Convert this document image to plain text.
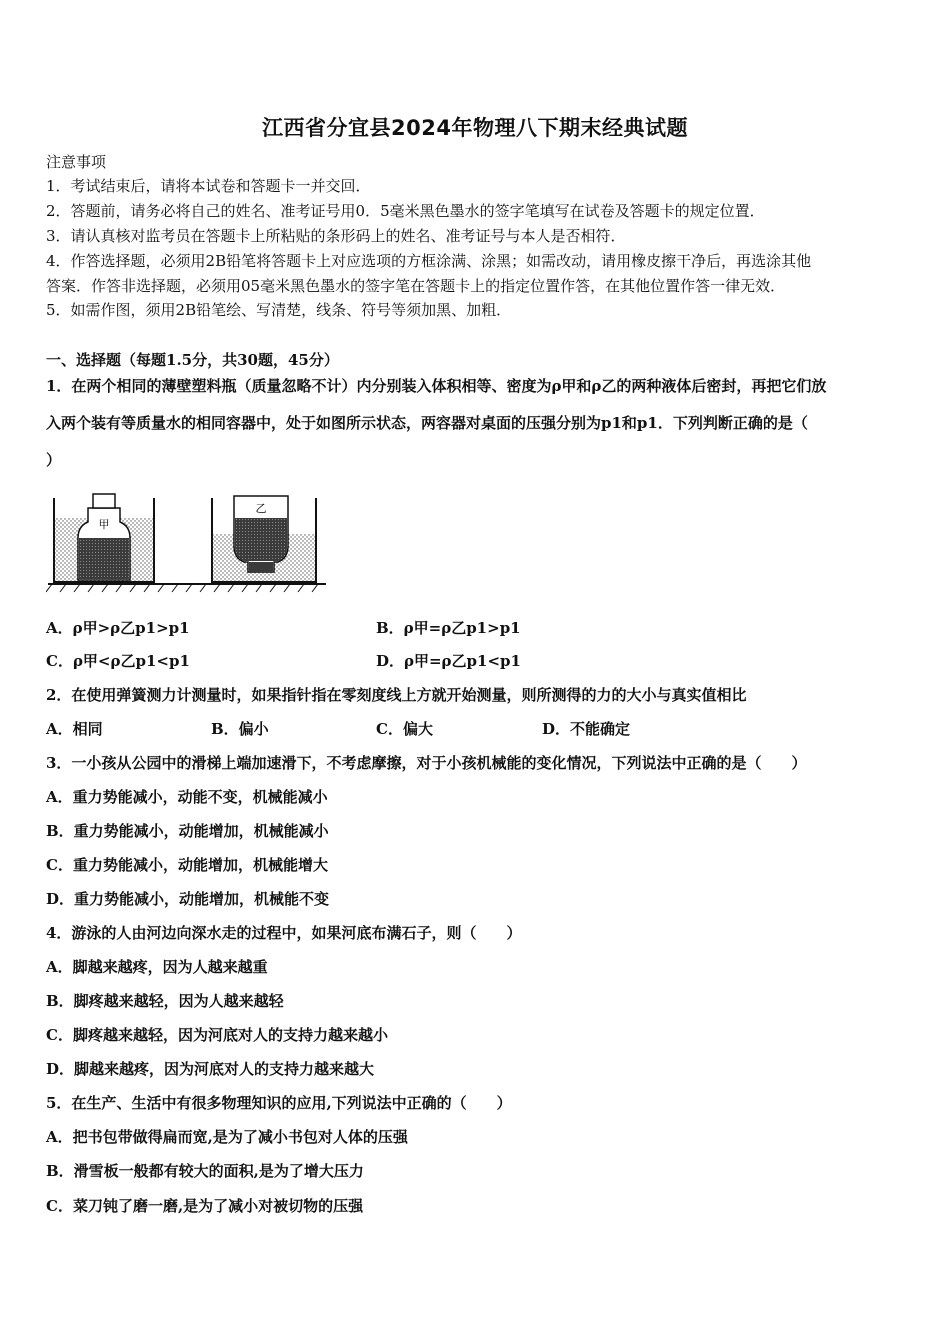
江西省分宜县2024年物理八下期末经典试题
注意事项
1．考试结束后，请将本试卷和答题卡一并交回．
2．答题前，请务必将自己的姓名、准考证号用0．5毫米黑色墨水的签字笔填写在试卷及答题卡的规定位置．
3．请认真核对监考员在答题卡上所粘贴的条形码上的姓名、准考证号与本人是否相符．
4．作答选择题，必须用2B铅笔将答题卡上对应选项的方框涂满、涂黑；如需改动，请用橡皮擦干净后，再选涂其他
答案．作答非选择题，必须用05毫米黑色墨水的签字笔在答题卡上的指定位置作答，在其他位置作答一律无效．
5．如需作图，须用2B铅笔绘、写清楚，线条、符号等须加黑、加粗．
一、选择题（每题1.5分，共30题，45分）
1．在两个相同的薄壁塑料瓶（质量忽略不计）内分别装入体积相等、密度为ρ甲和ρ乙的两种液体后密封，再把它们放
入两个装有等质量水的相同容器中，处于如图所示状态，两容器对桌面的压强分别为p1和p1．下列判断正确的是（
）
甲
乙
A．ρ甲>ρ乙p1>p1	B．ρ甲=ρ乙p1>p1
C．ρ甲<ρ乙p1<p1	D．ρ甲=ρ乙p1<p1
2．在使用弹簧测力计测量时，如果指针指在零刻度线上方就开始测量，则所测得的力的大小与真实值相比
A．相同	B．偏小	C．偏大	D．不能确定
3．一小孩从公园中的滑梯上端加速滑下，不考虑摩擦，对于小孩机械能的变化情况，下列说法中正确的是（　　）
A．重力势能减小，动能不变，机械能减小
B．重力势能减小，动能增加，机械能减小
C．重力势能减小，动能增加，机械能增大
D．重力势能减小，动能增加，机械能不变
4．游泳的人由河边向深水走的过程中，如果河底布满石子，则（　　）
A．脚越来越疼，因为人越来越重
B．脚疼越来越轻，因为人越来越轻
C．脚疼越来越轻，因为河底对人的支持力越来越小
D．脚越来越疼，因为河底对人的支持力越来越大
5．在生产、生活中有很多物理知识的应用,下列说法中正确的（　　）
A．把书包带做得扁而宽,是为了减小书包对人体的压强
B．滑雪板一般都有较大的面积,是为了增大压力
C．菜刀钝了磨一磨,是为了减小对被切物的压强
